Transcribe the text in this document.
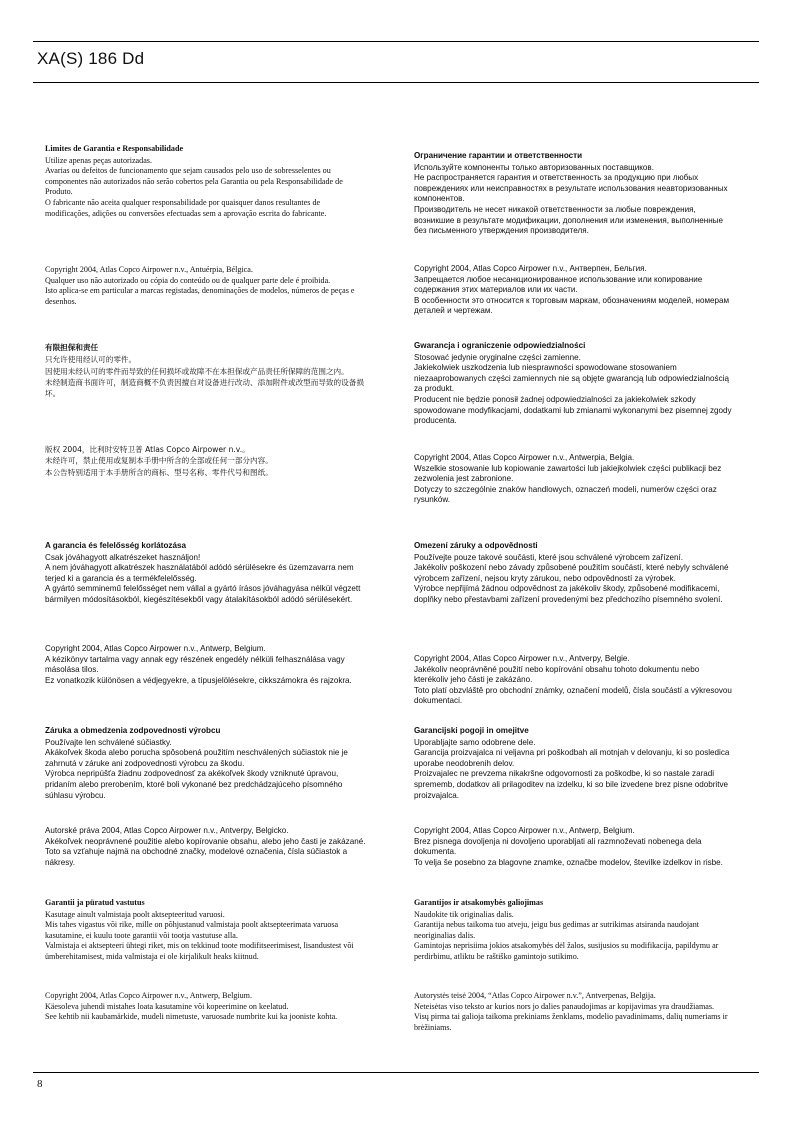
XA(S) 186 Dd
Limites de Garantia e Responsabilidade
Utilize apenas peças autorizadas.
Avarias ou defeitos de funcionamento que sejam causados pelo uso de sobresselentes ou componentes não autorizados não serão cobertos pela Garantia ou pela Responsabilidade de Produto.
O fabricante não aceita qualquer responsabilidade por quaisquer danos resultantes de modificações, adições ou conversões efectuadas sem a aprovação escrita do fabricante.
Copyright 2004, Atlas Copco Airpower n.v., Antuérpia, Bélgica.
Qualquer uso não autorizado ou cópia do conteúdo ou de qualquer parte dele é proibida.
Isto aplica-se em particular a marcas registadas, denominações de modelos, números de peças e desenhos.
有限担保和责任
只允许使用经认可的零件。
因使用未经认可的零件而导致的任何损坏或故障不在本担保或产品责任所保障的范围之内。
未经制造商书面许可，制造商概不负责因擅自对设备进行改动、添加附件或改型而导致的设备损坏。
版权 2004，比利时安特卫普 Atlas Copco Airpower n.v.。
未经许可，禁止使用或复制本手册中所含的全部或任何一部分内容。
本公告特别适用于本手册所含的商标、型号名称、零件代号和图纸。
A garancia és felelősség korlátozása
Csak jóváhagyott alkatrészeket használjon!
A nem jóváhagyott alkatrészek használatából adódó sérülésekre és üzemzavarra nem terjed ki a garancia és a termékfelelősség.
A gyártó semminemű felelősséget nem vállal a gyártó írásos jóváhagyása nélkül végzett bármilyen módosításokból, kiegészítésekből vagy átalakításokból adódó sérülésekért.
Copyright 2004, Atlas Copco Airpower n.v., Antwerp, Belgium.
A kézikönyv tartalma vagy annak egy részének engedély nélküli felhasználása vagy másolása tilos.
Ez vonatkozik különösen a védjegyekre, a típusjelölésekre, cikkszámokra és rajzokra.
Záruka a obmedzenia zodpovednosti výrobcu
Používajte len schválené súčiastky.
Akákoľvek škoda alebo porucha spôsobená použitím neschválených súčiastok nie je zahrnutá v záruke ani zodpovednosti výrobcu za škodu.
Výrobca nepripúšťa žiadnu zodpovednosť za akékoľvek škody vzniknuté úpravou, pridaním alebo prerobením, ktoré boli vykonané bez predchádzajúceho písomného súhlasu výrobcu.
Autorské práva 2004, Atlas Copco Airpower n.v., Antverpy, Belgicko.
Akékoľvek neoprávnené použitie alebo kopírovanie obsahu, alebo jeho časti je zakázané.
Toto sa vzťahuje najmä na obchodné značky, modelové označenia, čísla súčiastok a nákresy.
Garantii ja püratud vastutus
Kasutage ainult valmistaja poolt aktsepteeritud varuosi.
Mis tahes vigastus või rike, mille on põhjustanud valmistaja poolt aktsepteerimata varuosa kasutamine, ei kuulu toote garantii või tootja vastutuse alla.
Valmistaja ei aktsepteeri ühtegi riket, mis on tekkinud toote modifitseerimisest, lisandustest või ümberehitamisest, mida valmistaja ei ole kirjalikult heaks kiitnud.
Copyright 2004, Atlas Copco Airpower n.v., Antwerp, Belgium.
Käesoleva juhendi mistahes loata kasutamine või kopeerimine on keelatud.
See kehtib nii kaubamärkide, mudeli nimetuste, varuosade numbrite kui ka jooniste kohta.
Ограничение гарантии и ответственности
Используйте компоненты только авторизованных поставщиков.
Не распространяется гарантия и ответственность за продукцию при любых повреждениях или неисправностях в результате использования неавторизованных компонентов.
Производитель не несет никакой ответственности за любые повреждения, возникшие в результате модификации, дополнения или изменения, выполненные без письменного утверждения производителя.
Copyright 2004, Atlas Copco Airpower n.v., Антверпен, Бельгия.
Запрещается любое несанкционированное использование или копирование содержания этих материалов или их части.
В особенности это относится к торговым маркам, обозначениям моделей, номерам деталей и чертежам.
Gwarancja i ograniczenie odpowiedzialności
Stosować jedynie oryginalne części zamienne.
Jakiekolwiek uszkodzenia lub niesprawności spowodowane stosowaniem niezaaprobowanych części zamiennych nie są objęte gwarancją lub odpowiedzialnością za produkt.
Producent nie będzie ponosił żadnej odpowiedzialności za jakiekolwiek szkody spowodowane modyfikacjami, dodatkami lub zmianami wykonanymi bez pisemnej zgody producenta.
Copyright 2004, Atlas Copco Airpower n.v., Antwerpia, Belgia.
Wszelkie stosowanie lub kopiowanie zawartości lub jakiejkolwiek części publikacji bez zezwolenia jest zabronione.
Dotyczy to szczególnie znaków handlowych, oznaczeń modeli, numerów części oraz rysunków.
Omezení záruky a odpovědnosti
Používejte pouze takové součásti, které jsou schválené výrobcem zařízení.
Jakékoliv poškození nebo závady způsobené použitím součástí, které nebyly schválené výrobcem zařízení, nejsou kryty zárukou, nebo odpovědností za výrobek.
Výrobce nepřijímá žádnou odpovědnost za jakékoliv škody, způsobené modifikacemi, doplňky nebo přestavbami zařízení provedenými bez předchozího písemného svolení.
Copyright 2004, Atlas Copco Airpower n.v., Antverpy, Belgie.
Jakékoliv neoprávněné použití nebo kopírování obsahu tohoto dokumentu nebo kterékoliv jeho části je zakázáno.
Toto platí obzvláště pro obchodní známky, označení modelů, čísla součástí a výkresovou dokumentaci.
Garancijski pogoji in omejitve
Uporabljajte samo odobrene dele.
Garancija proizvajalca ni veljavna pri poškodbah ali motnjah v delovanju, ki so posledica uporabe neodobrenih delov.
Proizvajalec ne prevzema nikakršne odgovornosti za poškodbe, ki so nastale zaradi sprememb, dodatkov ali prilagoditev na izdelku, ki so bile izvedene brez pisne odobritve proizvajalca.
Copyright 2004, Atlas Copco Airpower n.v., Antwerp, Belgium.
Brez pisnega dovoljenja ni dovoljeno uporabljati ali razmnoževati nobenega dela dokumenta.
To velja še posebno za blagovne znamke, označbe modelov, številke izdelkov in risbe.
Garantijos ir atsakomybės galiojimas
Naudokite tik originalias dalis.
Garantija nebus taikoma tuo atveju, jeigu bus gedimas ar sutrikimas atsiranda naudojant neoriginalias dalis.
Gamintojas neprisiima jokios atsakomybės dėl žalos, susijusios su modifikacija, papildymu ar perdirbimu, atliktu be raštiško gamintojo sutikimo.
Autorystės teisė 2004, “Atlas Copco Airpower n.v.”, Antverpenas, Belgija.
Neteisėtas viso teksto ar kurios nors jo dalies panaudojimas ar kopijavimas yra draudžiamas.
Visų pirma tai galioja taikoma prekiniams ženklams, modelio pavadinimams, dalių numeriams ir brėžiniams.
8
